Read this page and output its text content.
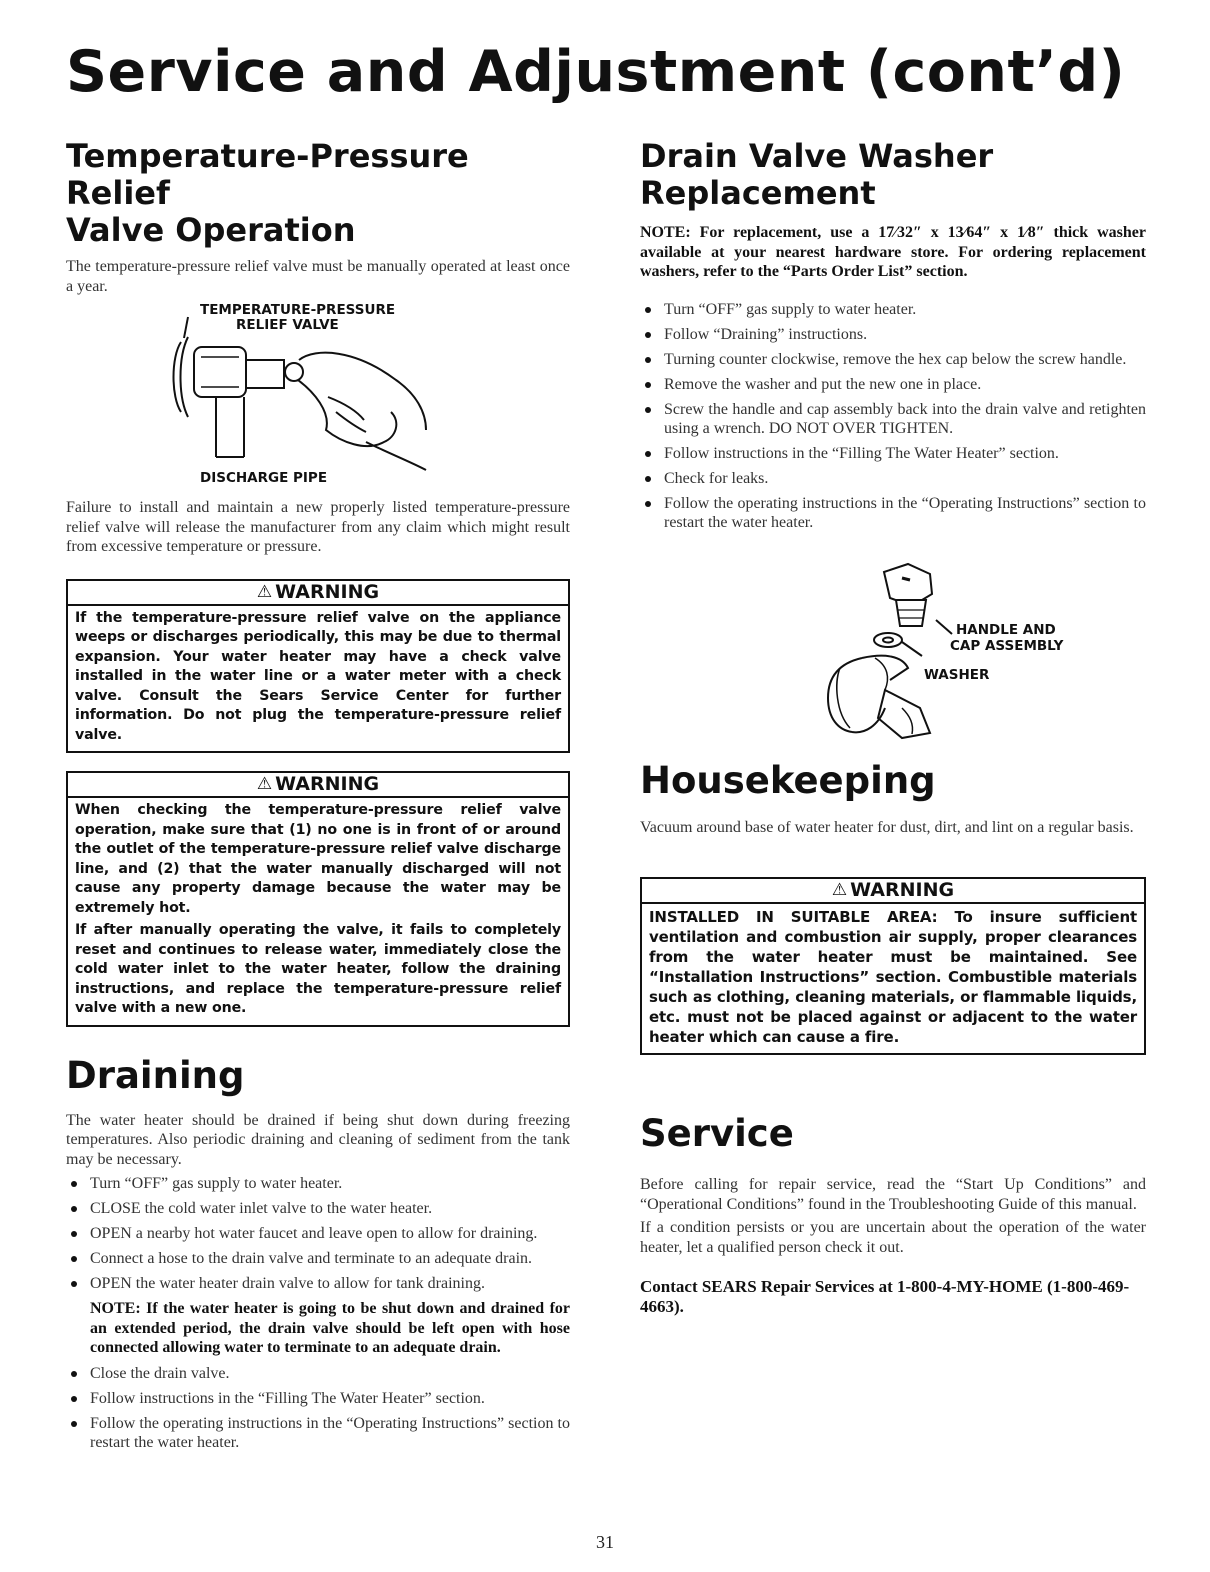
Service and Adjustment (cont’d)
Temperature-Pressure Relief
Valve Operation

The temperature-pressure relief valve must be manually operated at least once a year.

TEMPERATURE-PRESSURE
RELIEF VALVE
DISCHARGE PIPE

Failure to install and maintain a new properly listed temperature-pressure relief valve will release the manufacturer from any claim which might result from excessive temperature or pressure.

⚠ WARNING

If the temperature-pressure relief valve on the appliance weeps or discharges periodically, this may be due to thermal expansion. Your water heater may have a check valve installed in the water line or a water meter with a check valve. Consult the Sears Service Center for further information. Do not plug the temperature-pressure relief valve.

⚠ WARNING

When checking the temperature-pressure relief valve operation, make sure that (1) no one is in front of or around the outlet of the temperature-pressure relief valve discharge line, and (2) that the water manually discharged will not cause any property damage because the water may be extremely hot.

If after manually operating the valve, it fails to completely reset and continues to release water, immediately close the cold water inlet to the water heater, follow the draining instructions, and replace the temperature-pressure relief valve with a new one.

Draining

The water heater should be drained if being shut down during freezing temperatures. Also periodic draining and cleaning of sediment from the tank may be necessary.

Turn “OFF” gas supply to water heater.
CLOSE the cold water inlet valve to the water heater.
OPEN a nearby hot water faucet and leave open to allow for draining.
Connect a hose to the drain valve and terminate to an adequate drain.
OPEN the water heater drain valve to allow for tank draining.

NOTE: If the water heater is going to be shut down and drained for an extended period, the drain valve should be left open with hose connected allowing water to terminate to an adequate drain.

Close the drain valve.
Follow instructions in the “Filling The Water Heater” section.
Follow the operating instructions in the “Operating Instructions” section to restart the water heater.
Drain Valve Washer
Replacement

NOTE: For replacement, use a 17⁄32″ x 13⁄64″ x 1⁄8″ thick washer available at your nearest hardware store. For ordering replacement washers, refer to the “Parts Order List” section.

Turn “OFF” gas supply to water heater.
Follow “Draining” instructions.
Turning counter clockwise, remove the hex cap below the screw handle.
Remove the washer and put the new one in place.
Screw the handle and cap assembly back into the drain valve and retighten using a wrench. DO NOT OVER TIGHTEN.
Follow instructions in the “Filling The Water Heater” section.
Check for leaks.
Follow the operating instructions in the “Operating Instructions” section to restart the water heater.
HANDLE AND
CAP ASSEMBLY
WASHER
Housekeeping

Vacuum around base of water heater for dust, dirt, and lint on a regular basis.

⚠ WARNING

INSTALLED IN SUITABLE AREA: To insure sufficient ventilation and combustion air supply, proper clearances from the water heater must be maintained. See “Installation Instructions” section. Combustible materials such as clothing, cleaning materials, or flammable liquids, etc. must not be placed against or adjacent to the water heater which can cause a fire.

Service

Before calling for repair service, read the “Start Up Conditions” and “Operational Conditions” found in the Troubleshooting Guide of this manual.

If a condition persists or you are uncertain about the operation of the water heater, let a qualified person check it out.

Contact SEARS Repair Services at 1-800-4-MY-HOME (1-800-469-4663).

31
